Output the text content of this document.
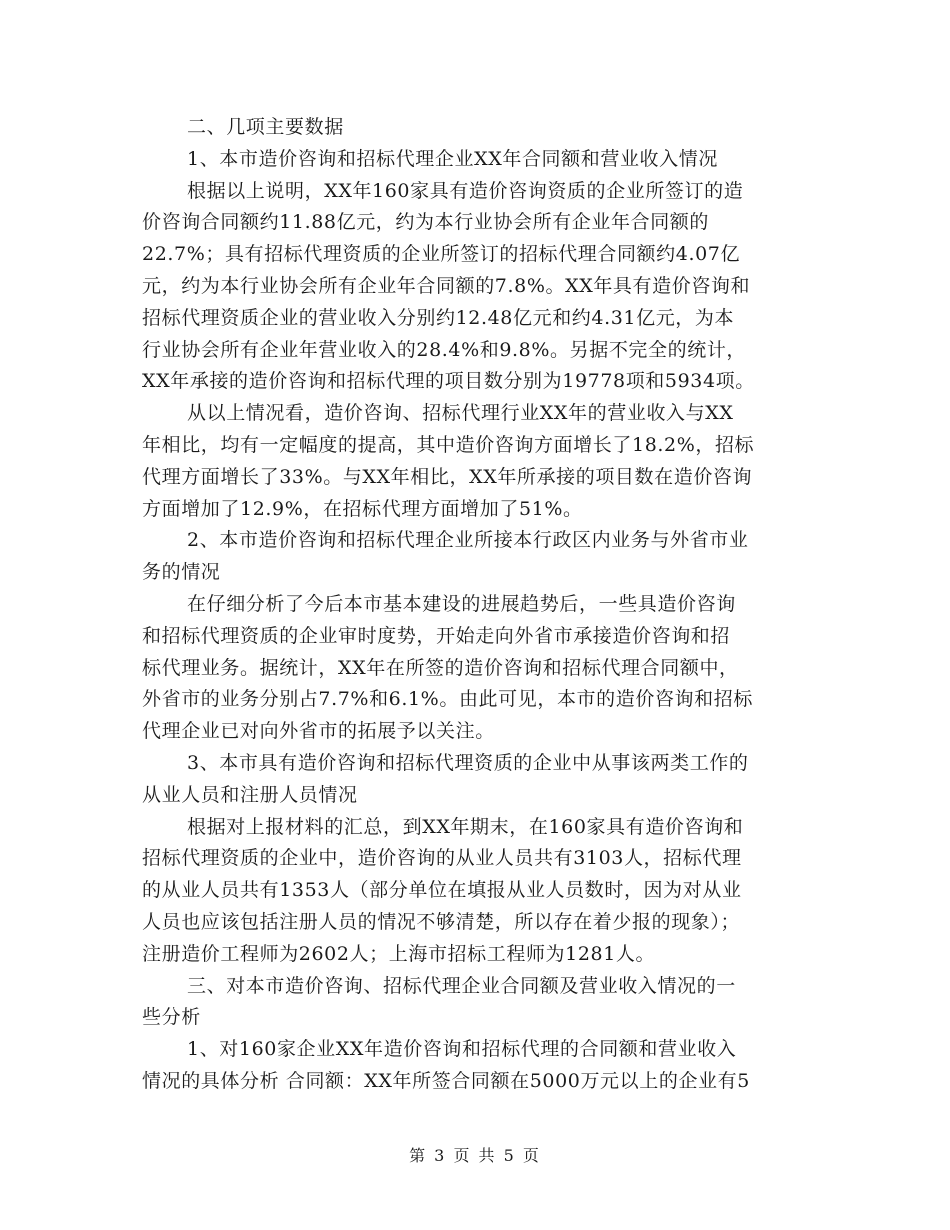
二、几项主要数据
1、本市造价咨询和招标代理企业XX年合同额和营业收入情况
根据以上说明，XX年160家具有造价咨询资质的企业所签订的造
价咨询合同额约11.88亿元，约为本行业协会所有企业年合同额的
22.7%；具有招标代理资质的企业所签订的招标代理合同额约4.07亿
元，约为本行业协会所有企业年合同额的7.8%。XX年具有造价咨询和
招标代理资质企业的营业收入分别约12.48亿元和约4.31亿元，为本
行业协会所有企业年营业收入的28.4%和9.8%。另据不完全的统计，
XX年承接的造价咨询和招标代理的项目数分别为19778项和5934项。
从以上情况看，造价咨询、招标代理行业XX年的营业收入与XX
年相比，均有一定幅度的提高，其中造价咨询方面增长了18.2%，招标
代理方面增长了33%。与XX年相比，XX年所承接的项目数在造价咨询
方面增加了12.9%，在招标代理方面增加了51%。
2、本市造价咨询和招标代理企业所接本行政区内业务与外省市业
务的情况
在仔细分析了今后本市基本建设的进展趋势后，一些具造价咨询
和招标代理资质的企业审时度势，开始走向外省市承接造价咨询和招
标代理业务。据统计，XX年在所签的造价咨询和招标代理合同额中，
外省市的业务分别占7.7%和6.1%。由此可见，本市的造价咨询和招标
代理企业已对向外省市的拓展予以关注。
3、本市具有造价咨询和招标代理资质的企业中从事该两类工作的
从业人员和注册人员情况
根据对上报材料的汇总，到XX年期末，在160家具有造价咨询和
招标代理资质的企业中，造价咨询的从业人员共有3103人，招标代理
的从业人员共有1353人（部分单位在填报从业人员数时，因为对从业
人员也应该包括注册人员的情况不够清楚，所以存在着少报的现象）；
注册造价工程师为2602人；上海市招标工程师为1281人。
三、对本市造价咨询、招标代理企业合同额及营业收入情况的一
些分析
1、对160家企业XX年造价咨询和招标代理的合同额和营业收入
情况的具体分析 合同额：XX年所签合同额在5000万元以上的企业有5
第 3 页 共 5 页
